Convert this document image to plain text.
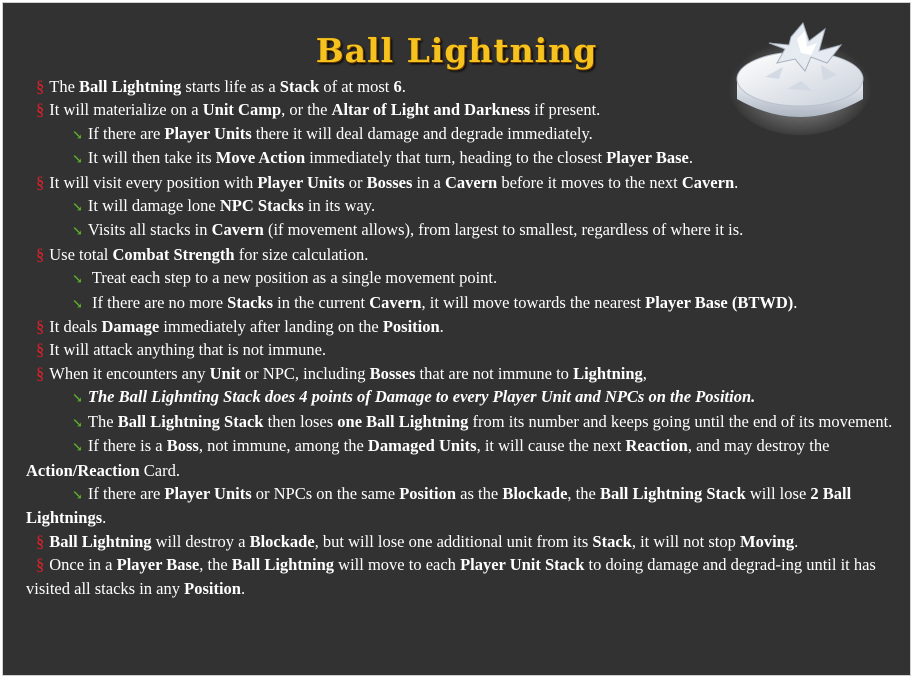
Ball Lightning
§ The Ball Lightning starts life as a Stack of at most 6.
§ It will materialize on a Unit Camp, or the Altar of Light and Darkness if present.
↘ If there are Player Units there it will deal damage and degrade immediately.
↘ It will then take its Move Action immediately that turn, heading to the closest Player Base.
§ It will visit every position with Player Units or Bosses in a Cavern before it moves to the next Cavern.
↘ It will damage lone NPC Stacks in its way.
↘ Visits all stacks in Cavern (if movement allows), from largest to smallest, regardless of where it is.
§ Use total Combat Strength for size calculation.
↘ Treat each step to a new position as a single movement point.
↘ If there are no more Stacks in the current Cavern, it will move towards the nearest Player Base (BTWD).
§ It deals Damage immediately after landing on the Position.
§ It will attack anything that is not immune.
§ When it encounters any Unit or NPC, including Bosses that are not immune to Lightning,
↘ The Ball Lighnting Stack does 4 points of Damage to every Player Unit and NPCs on the Position.
↘ The Ball Lightning Stack then loses one Ball Lightning from its number and keeps going until the end of its movement.
↘ If there is a Boss, not immune, among the Damaged Units, it will cause the next Reaction, and may destroy the Action/Reaction Card.
↘ If there are Player Units or NPCs on the same Position as the Blockade, the Ball Lightning Stack will lose 2 Ball Lightnings.
§ Ball Lightning will destroy a Blockade, but will lose one additional unit from its Stack, it will not stop Moving.
§ Once in a Player Base, the Ball Lightning will move to each Player Unit Stack to doing damage and degrad-ing until it has visited all stacks in any Position.
